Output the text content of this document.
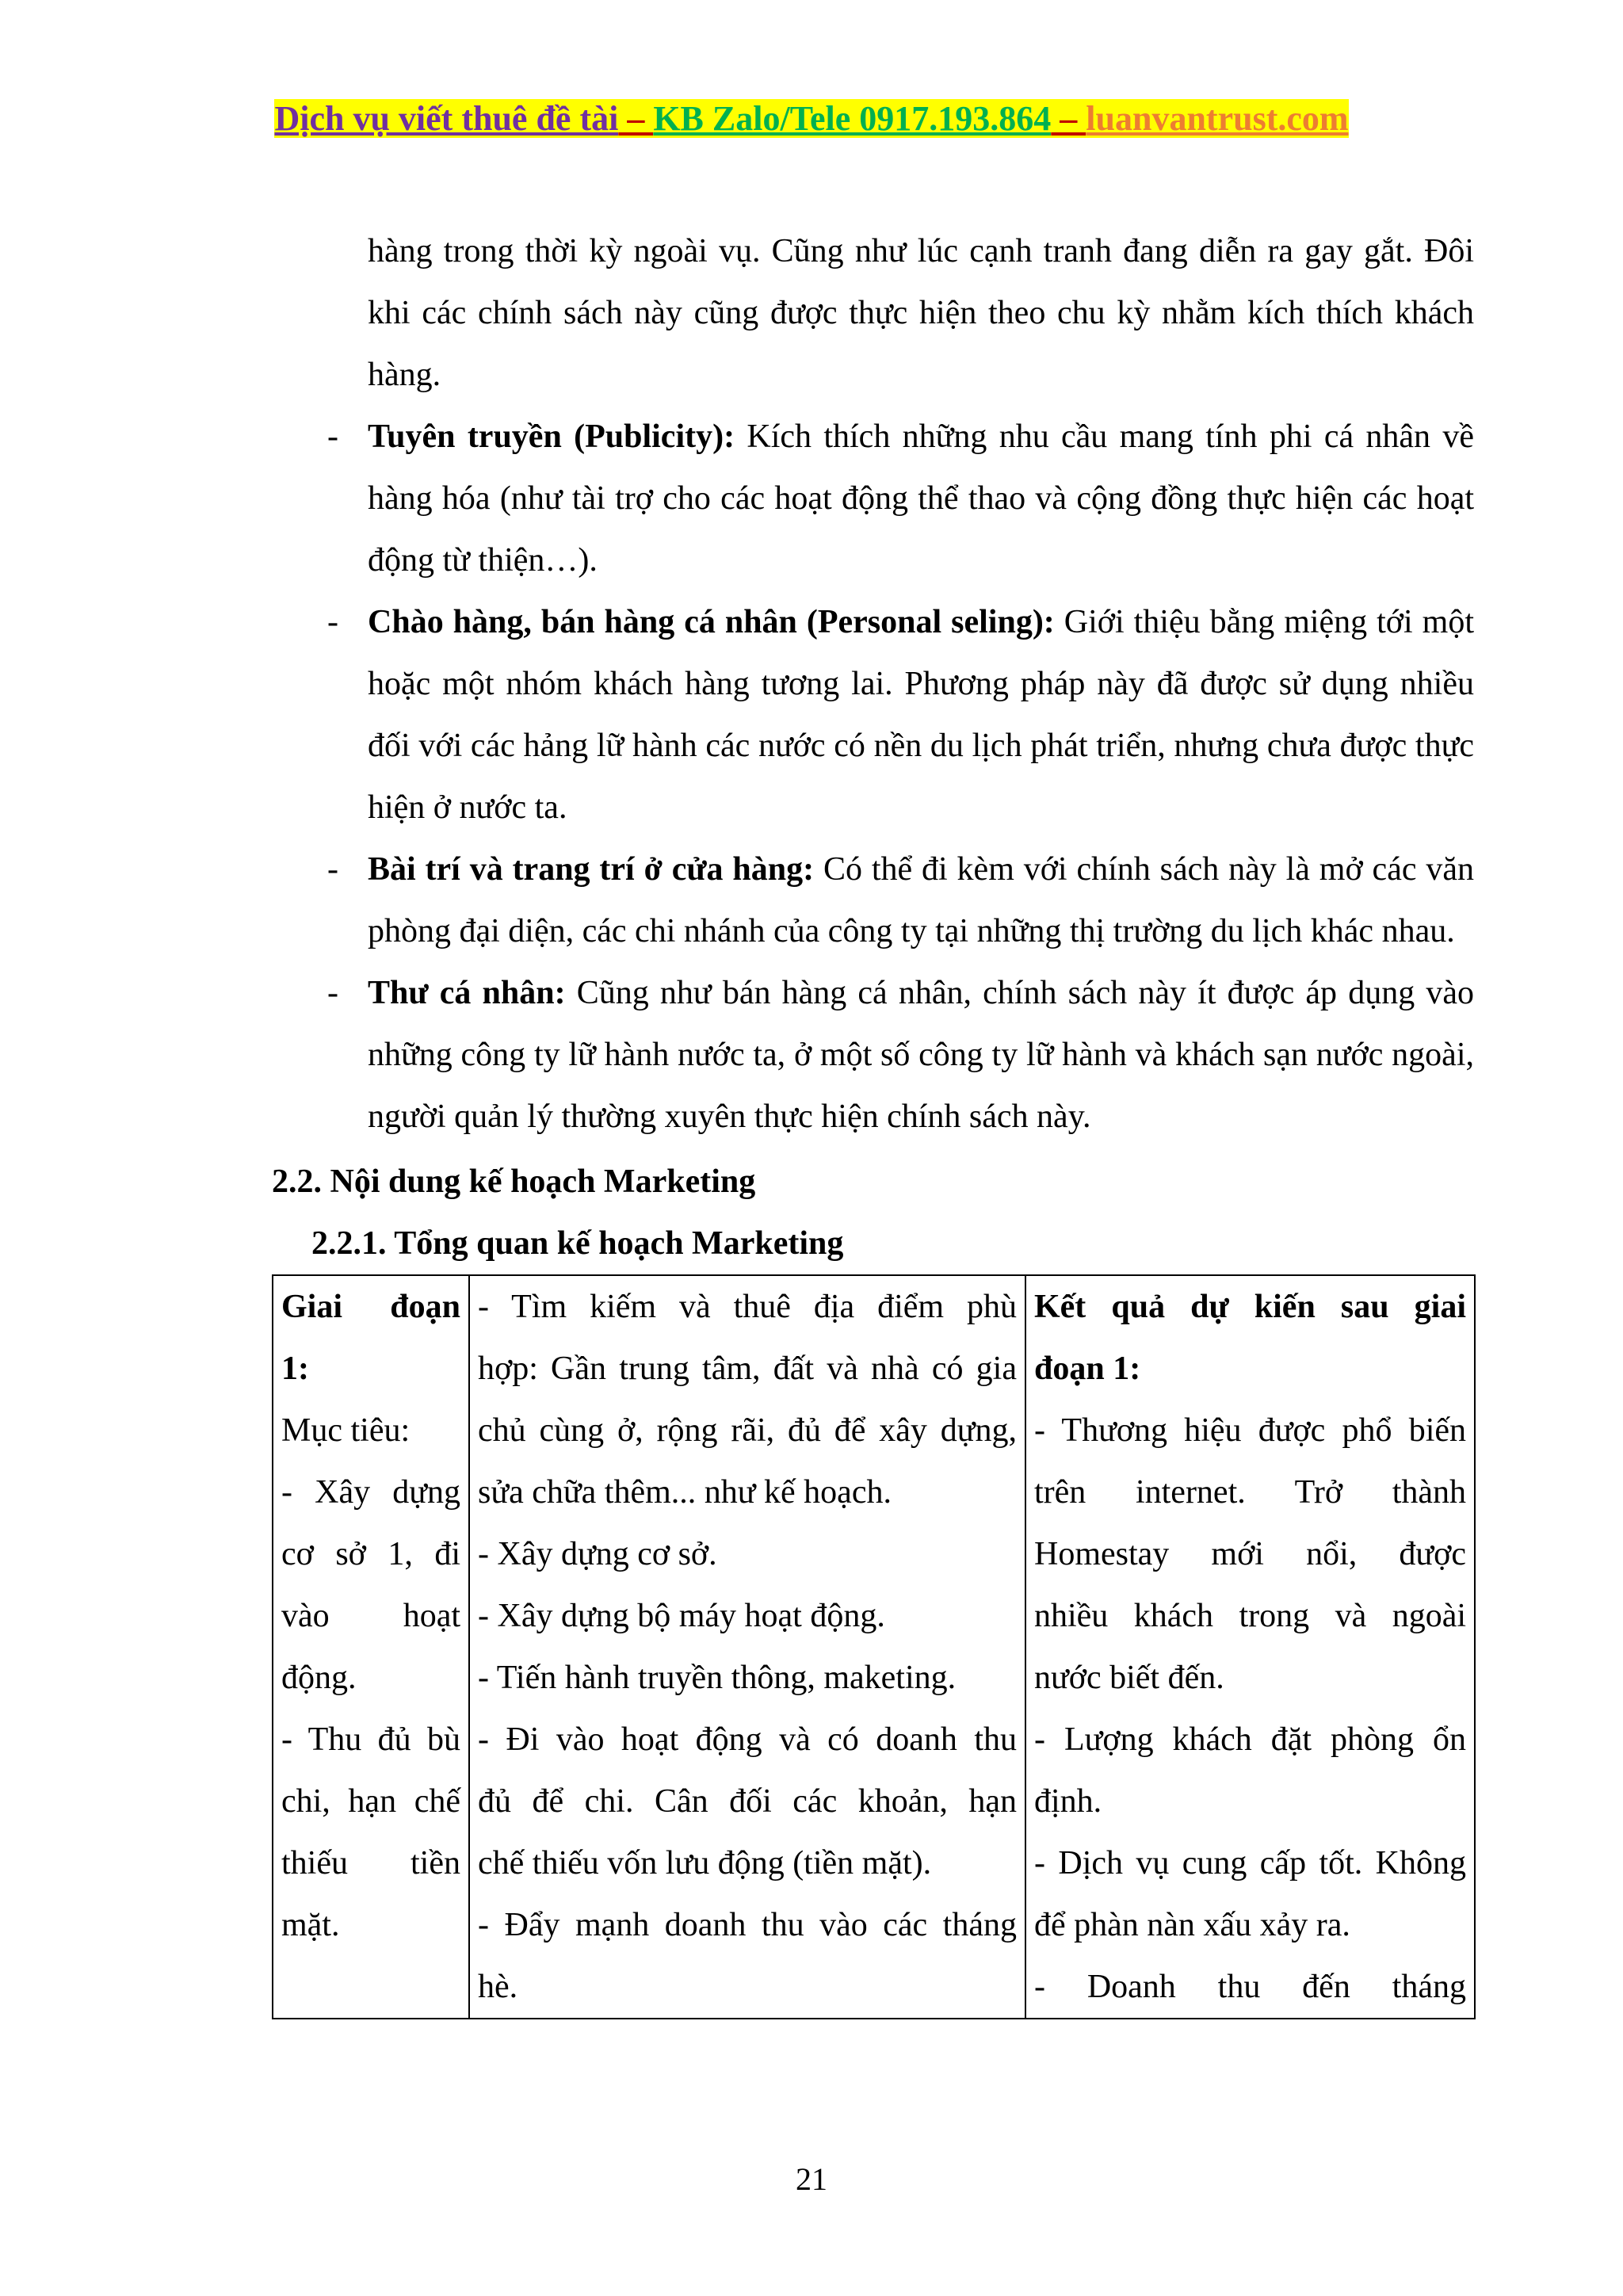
Dịch vụ viết thuê đề tài – KB Zalo/Tele 0917.193.864 – luanvantrust.com

hàng trong thời kỳ ngoài vụ. Cũng như lúc cạnh tranh đang diễn ra gay gắt. Đôi khi các chính sách này cũng được thực hiện theo chu kỳ nhằm kích thích khách hàng.

- Tuyên truyền (Publicity): Kích thích những nhu cầu mang tính phi cá nhân về hàng hóa (như tài trợ cho các hoạt động thể thao và cộng đồng thực hiện các hoạt động từ thiện…).
- Chào hàng, bán hàng cá nhân (Personal seling): Giới thiệu bằng miệng tới một hoặc một nhóm khách hàng tương lai. Phương pháp này đã được sử dụng nhiều đối với các hảng lữ hành các nước có nền du lịch phát triển, nhưng chưa được thực hiện ở nước ta.
- Bài trí và trang trí ở cửa hàng: Có thể đi kèm với chính sách này là mở các văn phòng đại diện, các chi nhánh của công ty tại những thị trường du lịch khác nhau.
- Thư cá nhân: Cũng như bán hàng cá nhân, chính sách này ít được áp dụng vào những công ty lữ hành nước ta, ở một số công ty lữ hành và khách sạn nước ngoài, người quản lý thường xuyên thực hiện chính sách này.
2.2. Nội dung kế hoạch Marketing
2.2.1. Tổng quan kế hoạch Marketing
Giai đoạn
1:
Mục tiêu:
- Xây dựng
cơ sở 1, đi
vào hoạt
động.
- Thu đủ bù
chi, hạn chế
thiếu tiền
mặt.

- Tìm kiếm và thuê địa điểm phù
hợp: Gần trung tâm, đất và nhà có gia
chủ cùng ở, rộng rãi, đủ để xây dựng,
sửa chữa thêm... như kế hoạch.
- Xây dựng cơ sở.
- Xây dựng bộ máy hoạt động.
- Tiến hành truyền thông, maketing.
- Đi vào hoạt động và có doanh thu
đủ để chi. Cân đối các khoản, hạn
chế thiếu vốn lưu động (tiền mặt).
- Đẩy mạnh doanh thu vào các tháng
hè.

Kết quả dự kiến sau giai
đoạn 1:
- Thương hiệu được phổ biến
trên internet. Trở thành
Homestay mới nổi, được
nhiều khách trong và ngoài
nước biết đến.
- Lượng khách đặt phòng ổn
định.
- Dịch vụ cung cấp tốt. Không
để phàn nàn xấu xảy ra.
- Doanh thu đến tháng
21
